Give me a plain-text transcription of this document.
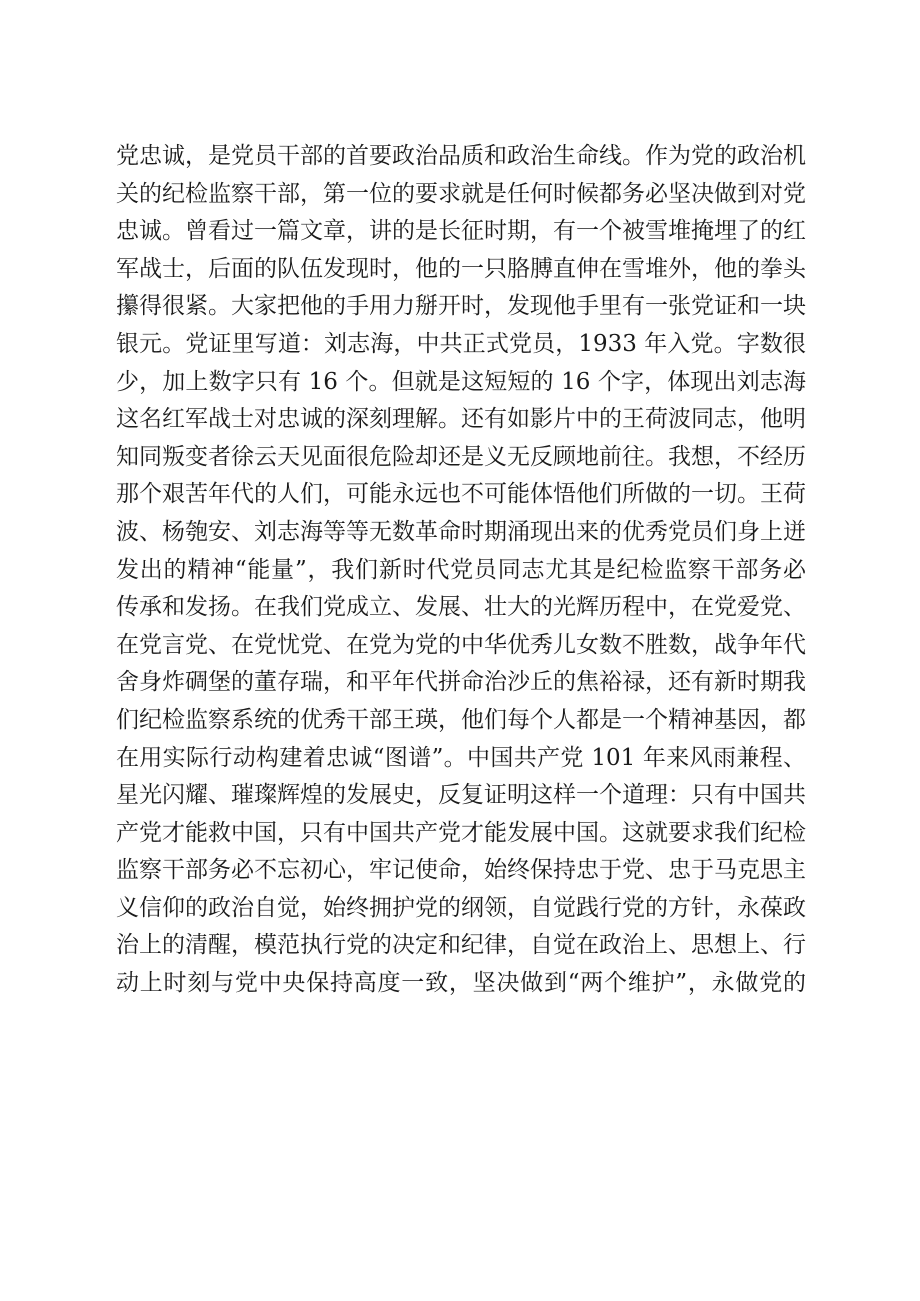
党忠诚，是党员干部的首要政治品质和政治生命线。作为党的政治机
关的纪检监察干部，第一位的要求就是任何时候都务必坚决做到对党
忠诚。曾看过一篇文章，讲的是长征时期，有一个被雪堆掩埋了的红
军战士，后面的队伍发现时，他的一只胳膊直伸在雪堆外，他的拳头
攥得很紧。大家把他的手用力掰开时，发现他手里有一张党证和一块
银元。党证里写道：刘志海，中共正式党员，1933 年入党。字数很
少，加上数字只有 16 个。但就是这短短的 16 个字，体现出刘志海
这名红军战士对忠诚的深刻理解。还有如影片中的王荷波同志，他明
知同叛变者徐云天见面很危险却还是义无反顾地前往。我想，不经历
那个艰苦年代的人们，可能永远也不可能体悟他们所做的一切。王荷
波、杨匏安、刘志海等等无数革命时期涌现出来的优秀党员们身上迸
发出的精神“能量”，我们新时代党员同志尤其是纪检监察干部务必
传承和发扬。在我们党成立、发展、壮大的光辉历程中，在党爱党、
在党言党、在党忧党、在党为党的中华优秀儿女数不胜数，战争年代
舍身炸碉堡的董存瑞，和平年代拼命治沙丘的焦裕禄，还有新时期我
们纪检监察系统的优秀干部王瑛，他们每个人都是一个精神基因，都
在用实际行动构建着忠诚“图谱”。中国共产党 101 年来风雨兼程、
星光闪耀、璀璨辉煌的发展史，反复证明这样一个道理：只有中国共
产党才能救中国，只有中国共产党才能发展中国。这就要求我们纪检
监察干部务必不忘初心，牢记使命，始终保持忠于党、忠于马克思主
义信仰的政治自觉，始终拥护党的纲领，自觉践行党的方针，永葆政
治上的清醒，模范执行党的决定和纪律，自觉在政治上、思想上、行
动上时刻与党中央保持高度一致，坚决做到“两个维护”，永做党的
